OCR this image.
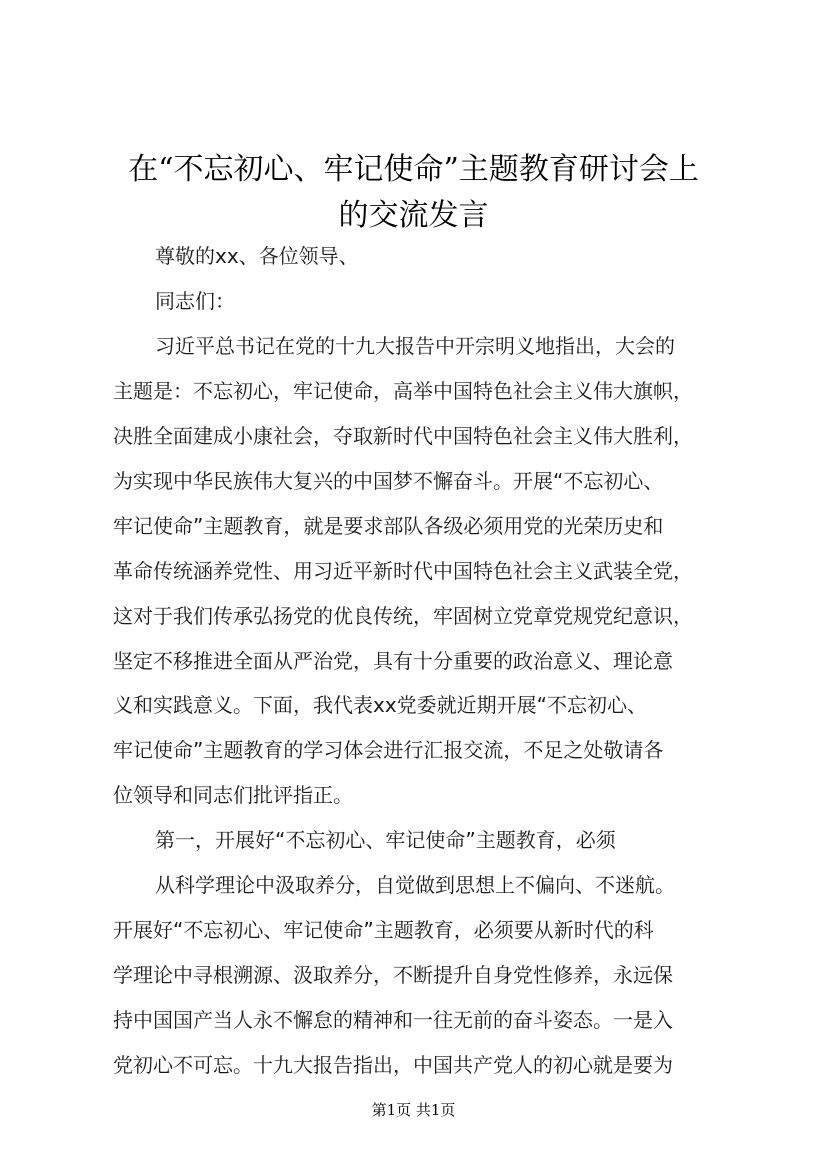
在“不忘初心、牢记使命”主题教育研讨会上
的交流发言

尊敬的xx、各位领导、

同志们：

习近平总书记在党的十九大报告中开宗明义地指出，大会的

主题是：不忘初心，牢记使命，高举中国特色社会主义伟大旗帜，

决胜全面建成小康社会，夺取新时代中国特色社会主义伟大胜利，

为实现中华民族伟大复兴的中国梦不懈奋斗。开展“不忘初心、

牢记使命”主题教育，就是要求部队各级必须用党的光荣历史和

革命传统涵养党性、用习近平新时代中国特色社会主义武装全党，

这对于我们传承弘扬党的优良传统，牢固树立党章党规党纪意识，

坚定不移推进全面从严治党，具有十分重要的政治意义、理论意

义和实践意义。下面，我代表xx党委就近期开展“不忘初心、

牢记使命”主题教育的学习体会进行汇报交流，不足之处敬请各

位领导和同志们批评指正。

第一，开展好“不忘初心、牢记使命”主题教育，必须

从科学理论中汲取养分，自觉做到思想上不偏向、不迷航。

开展好“不忘初心、牢记使命”主题教育，必须要从新时代的科

学理论中寻根溯源、汲取养分，不断提升自身党性修养，永远保

持中国国产当人永不懈怠的精神和一往无前的奋斗姿态。一是入

党初心不可忘。十九大报告指出，中国共产党人的初心就是要为

第1页 共1页
